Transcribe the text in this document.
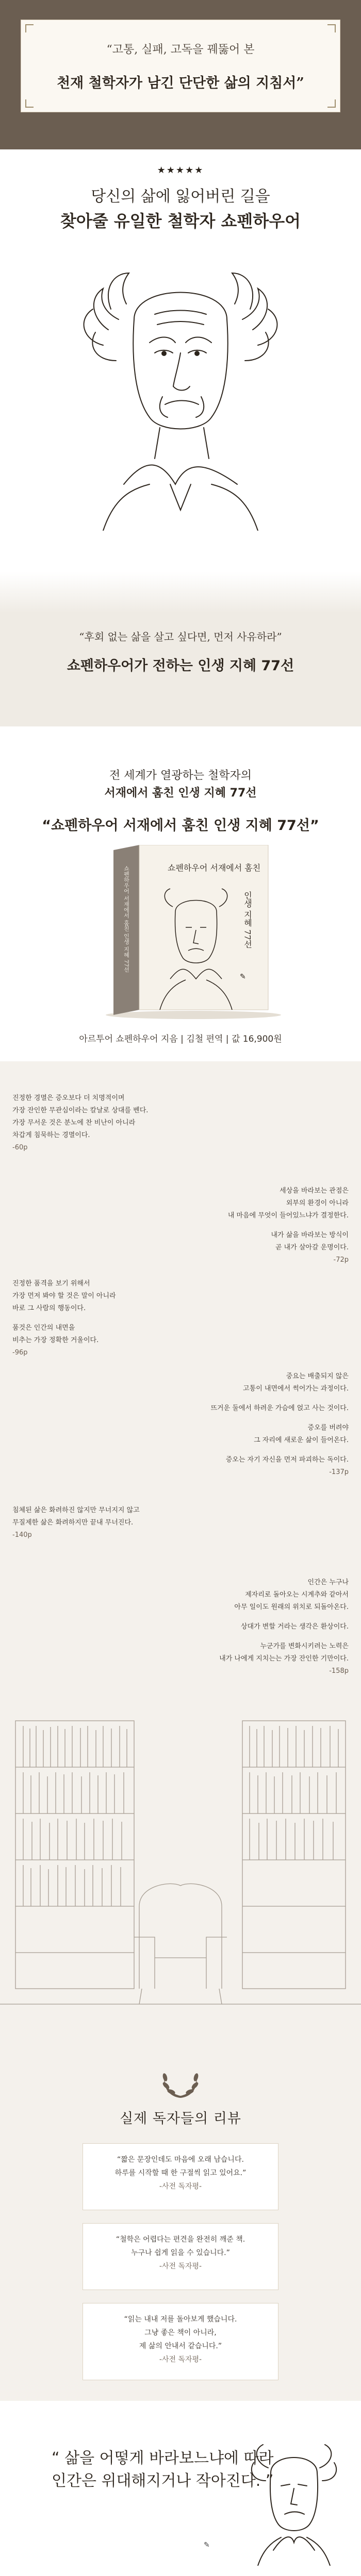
“고통, 실패, 고독을 꿰뚫어 본
천재 철학자가 남긴 단단한 삶의 지침서”
★★★★★
당신의 삶에 잃어버린 길을
찾아줄 유일한 철학자 쇼펜하우어
“후회 없는 삶을 살고 싶다면, 먼저 사유하라”
쇼펜하우어가 전하는 인생 지혜 77선
전 세계가 열광하는 철학자의
서재에서 훔친 인생 지혜 77선
“ 쇼펜하우어 서재에서 훔친 인생 지혜 77선 ”
쇼펜하우어 서재에서 훔친 인생 지혜 77선	쇼펜하우어 서재에서 훔친
인생 지혜 77선
✎
아르투어 쇼펜하우어 지음 | 김철 편역 | 값 16,900원
진정한 경멸은 증오보다 더 치명적이며
가장 잔인한 무관심이라는 칼날로 상대를 벤다.
가장 무서운 것은 분노에 찬 비난이 아니라
차갑게 침묵하는 경멸이다.
-60p
세상을 바라보는 관점은
외부의 환경이 아니라
내 마음에 무엇이 들어있느냐가 결정한다.
내가 삶을 바라보는 방식이
곧 내가 살아갈 운명이다.
-72p
진정한 품격을 보기 위해서
가장 먼저 봐야 할 것은 말이 아니라
바로 그 사람의 행동이다.
품것은 인간의 내면을
비추는 가장 정확한 거울이다.
-96p
중요는 배출되지 않은
고통이 내면에서 썩어가는 과정이다.
뜨거운 둘에서 하려운 가슴에 얹고 사는 것이다.
증오를 버려야
그 자리에 새로운 삶이 들어온다.
증오는 자기 자신을 먼저 파괴하는 독이다.
-137p
침체된 삶은 화려하진 않지만 무너지지 않고
무질제한 삶은 화려하지만 끝내 무너진다.
-140p
인간은 누구나
제자리로 돌아오는 시계추와 같아서
아무 일이도 원래의 위치로 되돌아온다.
상대가 변할 거라는 생각은 환상이다.
누군가를 변화시키려는 노력은
내가 나에게 지치는는 가장 잔인한 기만이다.
-158p
실제 독자들의 리뷰
“짧은 문장인데도 마음에 오래 남습니다.
하루를 시작할 때 한 구절씩 읽고 있어요.”
-사전 독자평-
“철학은 어렵다는 편견을 완전히 깨준 책.
누구나 쉽게 읽을 수 있습니다.”
-사전 독자평-
“읽는 내내 저를 돌아보게 했습니다.
그냥 좋은 책이 아니라,
제 삶의 안내서 같습니다.”
-사전 독자평-
“ 삶을 어떻게 바라보느냐에 따라
인간은 위대해지거나 작아진다. ”
✎
